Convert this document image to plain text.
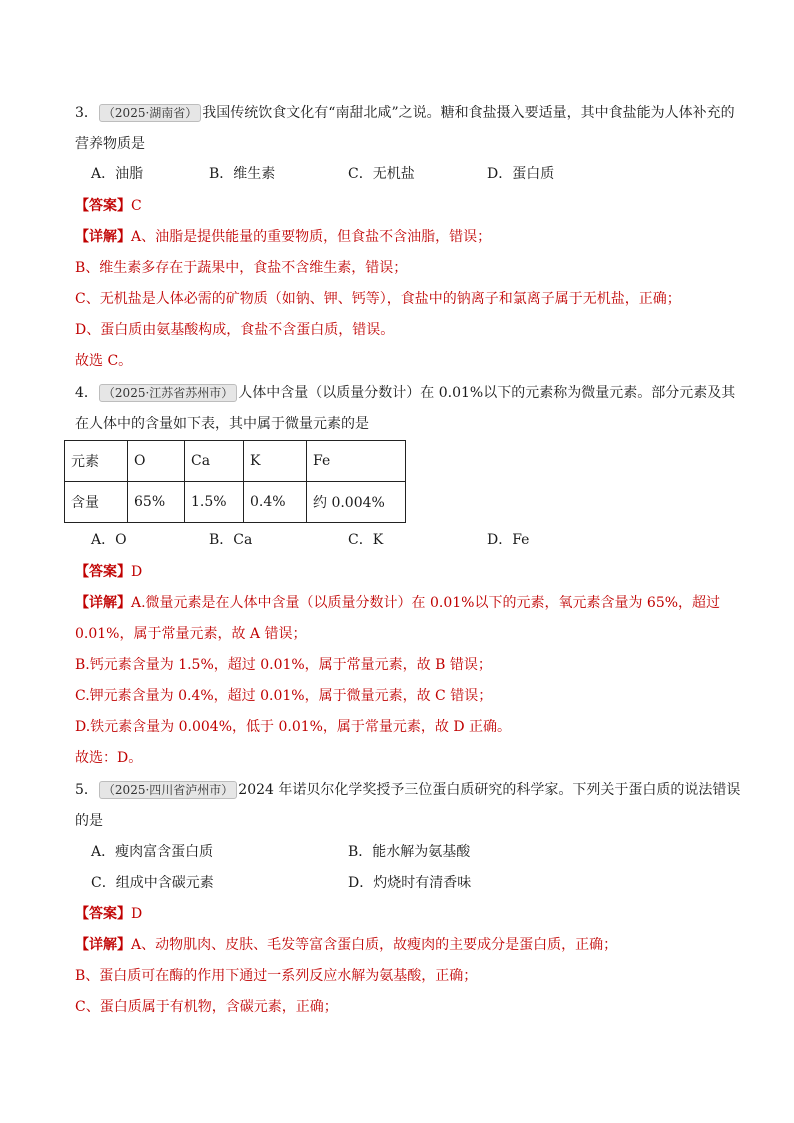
3． （2025·湖南省） 我国传统饮食文化有“南甜北咸”之说。糖和食盐摄入要适量，其中食盐能为人体补充的
营养物质是
A．油脂	B．维生素	C．无机盐	D．蛋白质
【答案】C
【详解】A、油脂是提供能量的重要物质，但食盐不含油脂，错误；
B、维生素多存在于蔬果中，食盐不含维生素，错误；
C、无机盐是人体必需的矿物质（如钠、钾、钙等），食盐中的钠离子和氯离子属于无机盐，正确；
D、蛋白质由氨基酸构成，食盐不含蛋白质，错误。
故选 C。
4． （2025·江苏省苏州市） 人体中含量（以质量分数计）在 0.01%以下的元素称为微量元素。部分元素及其
在人体中的含量如下表，其中属于微量元素的是
元素	O	Ca	K	Fe
含量	65%	1.5%	0.4%	约 0.004%
A．O	B．Ca	C．K	D．Fe
【答案】D
【详解】A.微量元素是在人体中含量（以质量分数计）在 0.01%以下的元素，氧元素含量为 65%，超过
0.01%，属于常量元素，故 A 错误；
B.钙元素含量为 1.5%，超过 0.01%，属于常量元素，故 B 错误；
C.钾元素含量为 0.4%，超过 0.01%，属于微量元素，故 C 错误；
D.铁元素含量为 0.004%，低于 0.01%，属于常量元素，故 D 正确。
故选：D。
5． （2025·四川省泸州市） 2024 年诺贝尔化学奖授予三位蛋白质研究的科学家。下列关于蛋白质的说法错误
的是
A．瘦肉富含蛋白质	B．能水解为氨基酸
C．组成中含碳元素	D．灼烧时有清香味
【答案】D
【详解】A、动物肌肉、皮肤、毛发等富含蛋白质，故瘦肉的主要成分是蛋白质，正确；
B、蛋白质可在酶的作用下通过一系列反应水解为氨基酸，正确；
C、蛋白质属于有机物，含碳元素，正确；
